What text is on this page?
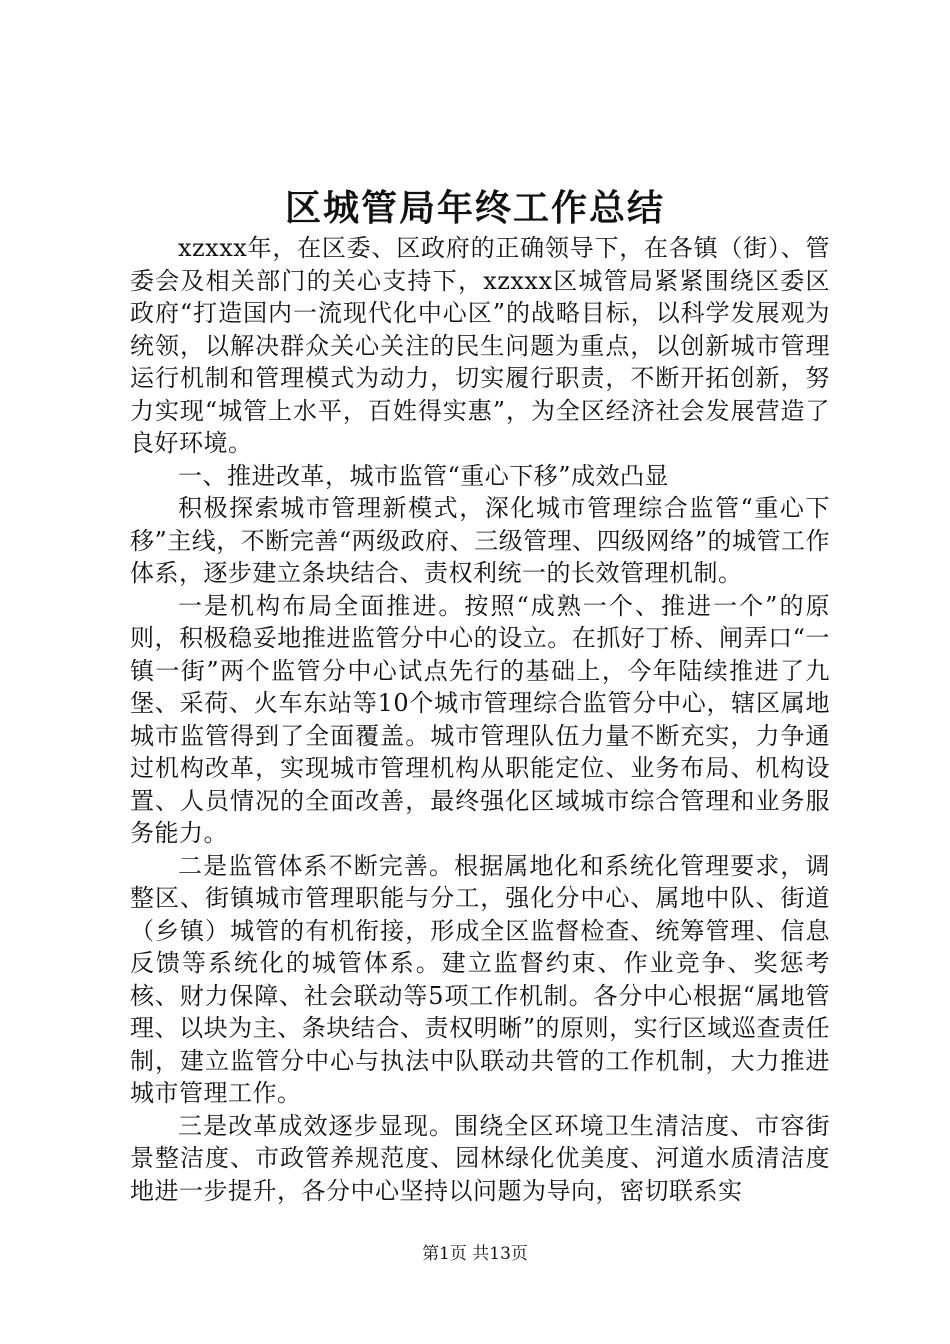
区城管局年终工作总结

xzxxx年，在区委、区政府的正确领导下，在各镇（街）、管委会及相关部门的关心支持下，xzxxx区城管局紧紧围绕区委区政府“打造国内一流现代化中心区”的战略目标，以科学发展观为统领，以解决群众关心关注的民生问题为重点，以创新城市管理运行机制和管理模式为动力，切实履行职责，不断开拓创新，努力实现“城管上水平，百姓得实惠”，为全区经济社会发展营造了良好环境。

一、推进改革，城市监管“重心下移”成效凸显

积极探索城市管理新模式，深化城市管理综合监管“重心下移”主线，不断完善“两级政府、三级管理、四级网络”的城管工作体系，逐步建立条块结合、责权利统一的长效管理机制。

一是机构布局全面推进。按照“成熟一个、推进一个”的原则，积极稳妥地推进监管分中心的设立。在抓好丁桥、闸弄口“一镇一街”两个监管分中心试点先行的基础上，今年陆续推进了九堡、采荷、火车东站等10个城市管理综合监管分中心，辖区属地城市监管得到了全面覆盖。城市管理队伍力量不断充实，力争通过机构改革，实现城市管理机构从职能定位、业务布局、机构设置、人员情况的全面改善，最终强化区域城市综合管理和业务服务能力。

二是监管体系不断完善。根据属地化和系统化管理要求，调整区、街镇城市管理职能与分工，强化分中心、属地中队、街道（乡镇）城管的有机衔接，形成全区监督检查、统筹管理、信息反馈等系统化的城管体系。建立监督约束、作业竞争、奖惩考核、财力保障、社会联动等5项工作机制。各分中心根据“属地管理、以块为主、条块结合、责权明晰”的原则，实行区域巡查责任制，建立监管分中心与执法中队联动共管的工作机制，大力推进城市管理工作。

三是改革成效逐步显现。围绕全区环境卫生清洁度、市容街景整洁度、市政管养规范度、园林绿化优美度、河道水质清洁度地进一步提升，各分中心坚持以问题为导向，密切联系实

第1页 共13页
